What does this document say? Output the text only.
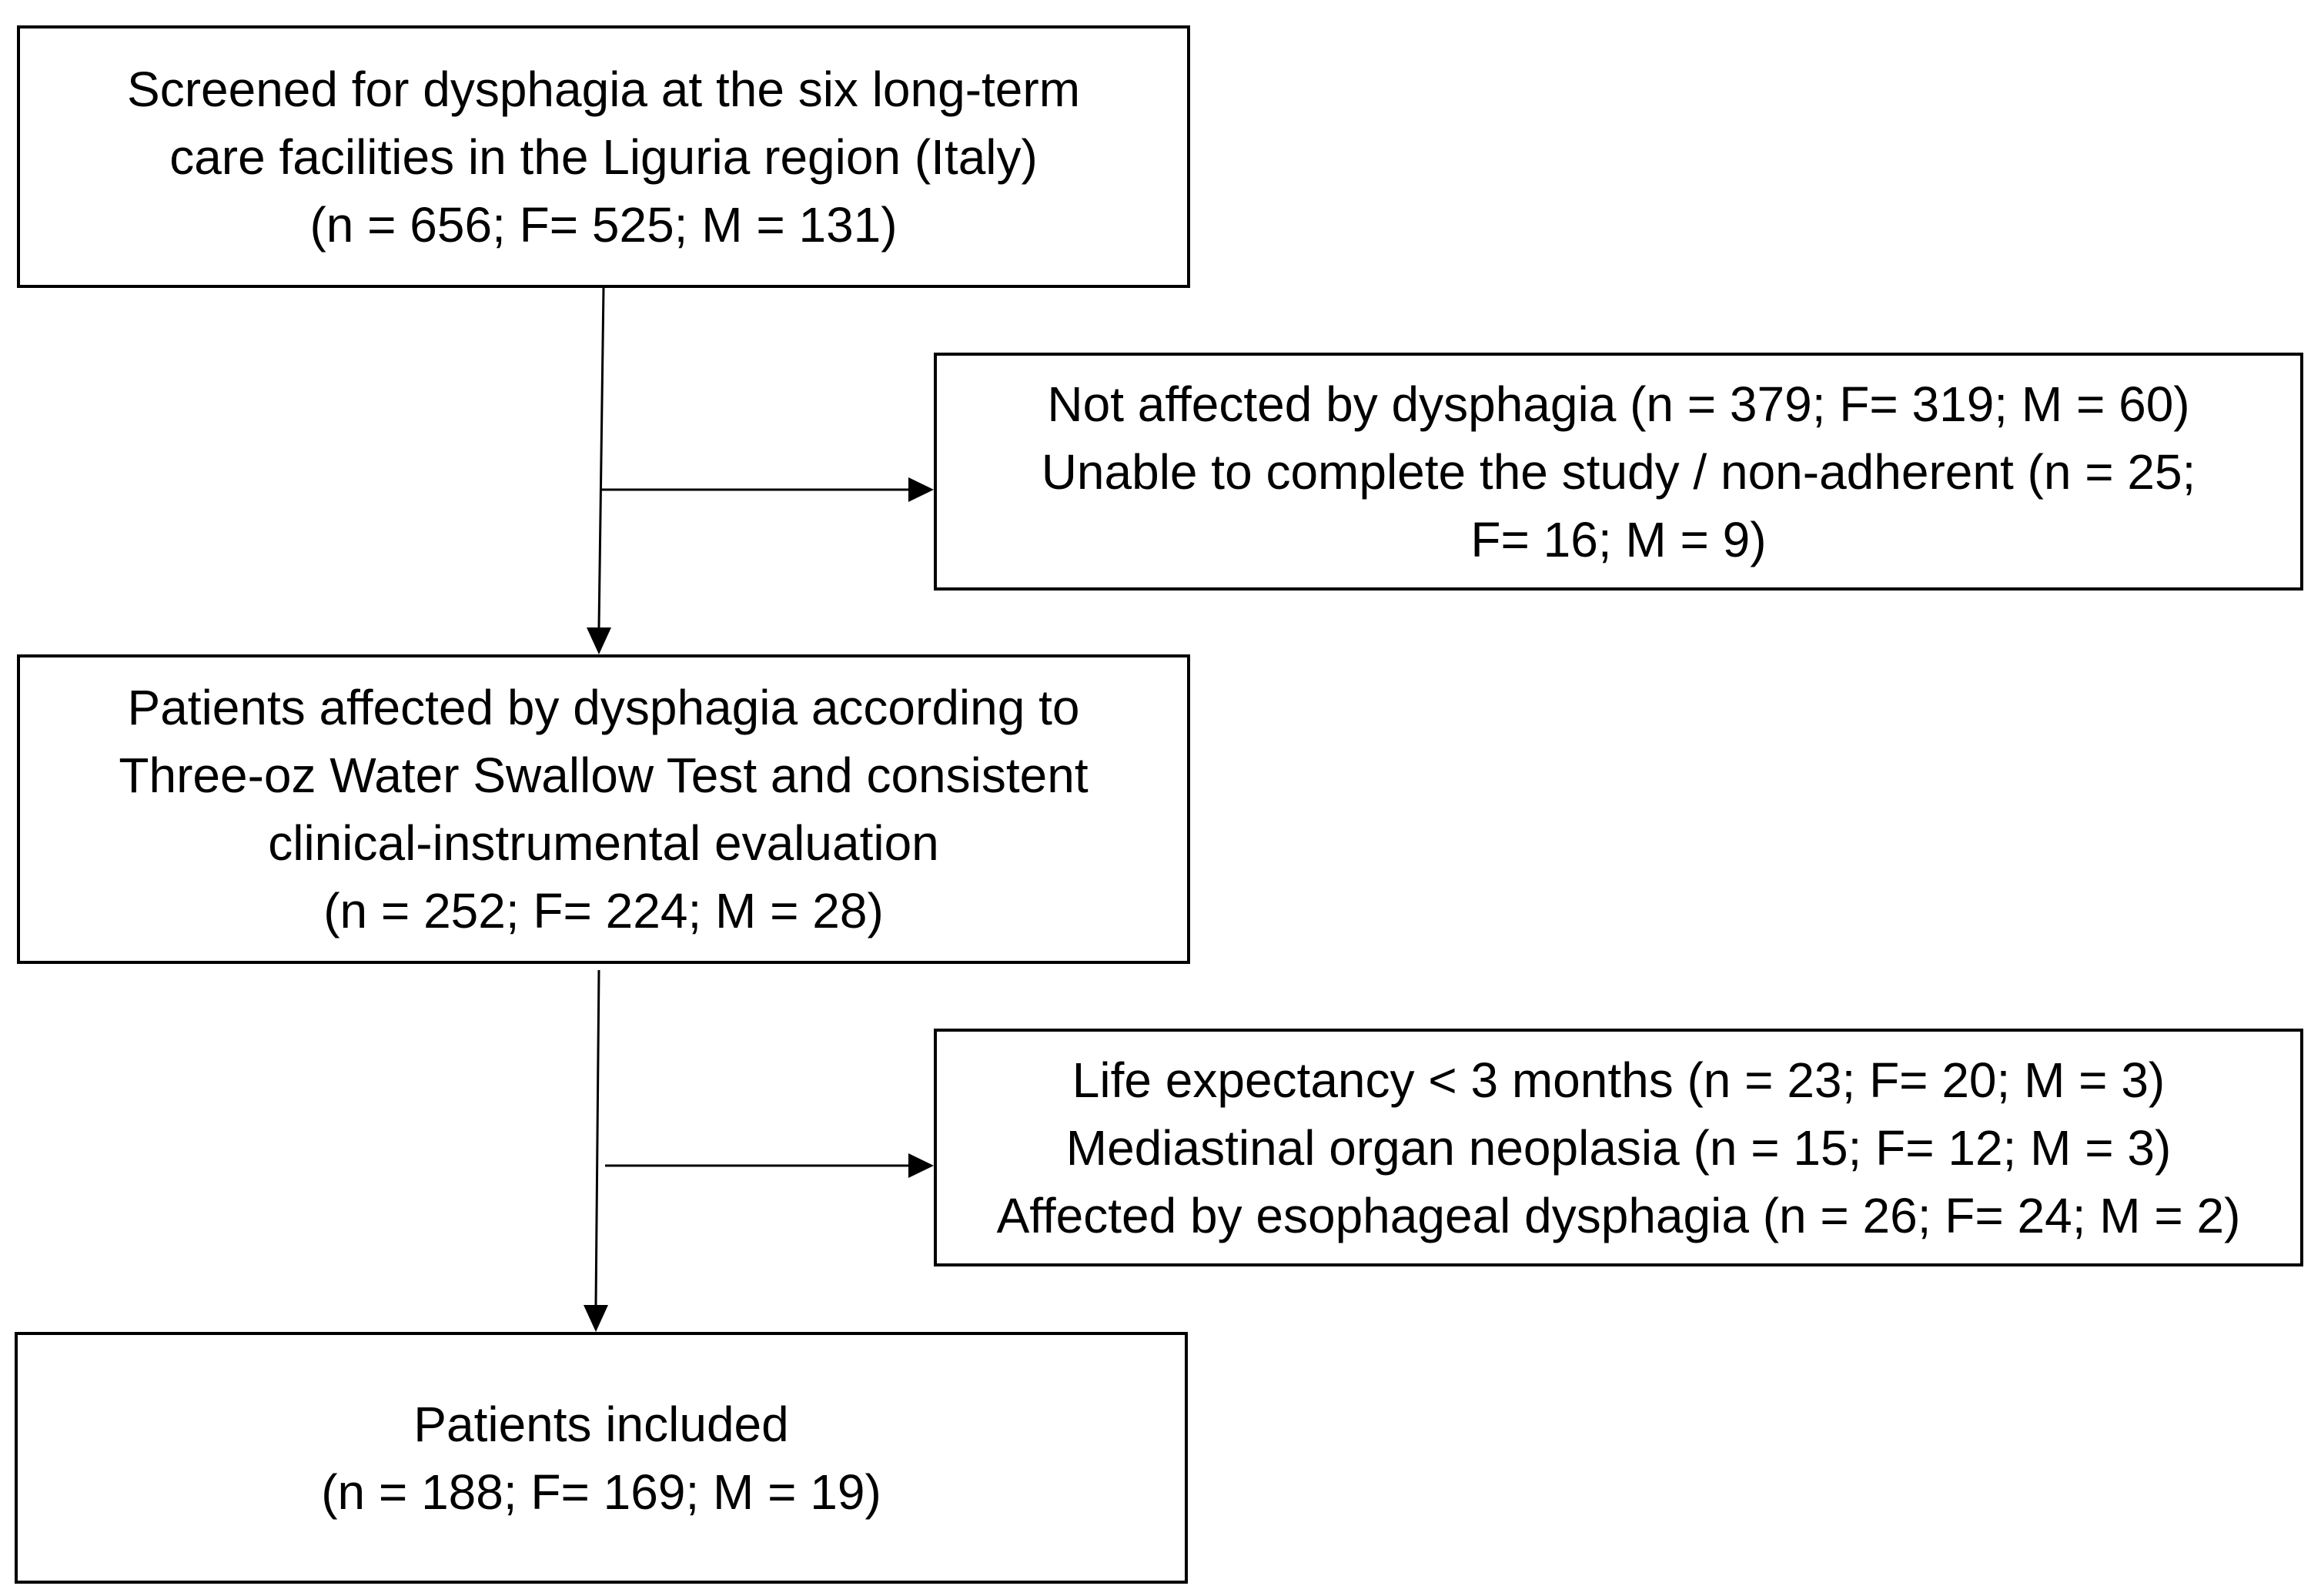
Screened for dysphagia at the six long-term
care facilities in the Liguria region (Italy)
(n = 656; F= 525; M = 131)
Not affected by dysphagia (n = 379; F= 319; M = 60)
Unable to complete the study / non-adherent (n = 25;
F= 16; M = 9)
Patients affected by dysphagia according to
Three-oz Water Swallow Test and consistent
clinical-instrumental evaluation
(n = 252; F= 224; M = 28)
Life expectancy < 3 months (n = 23; F= 20; M = 3)
Mediastinal organ neoplasia (n = 15; F= 12; M = 3)
Affected by esophageal dysphagia (n = 26; F= 24; M = 2)
Patients included
(n = 188; F= 169; M = 19)
